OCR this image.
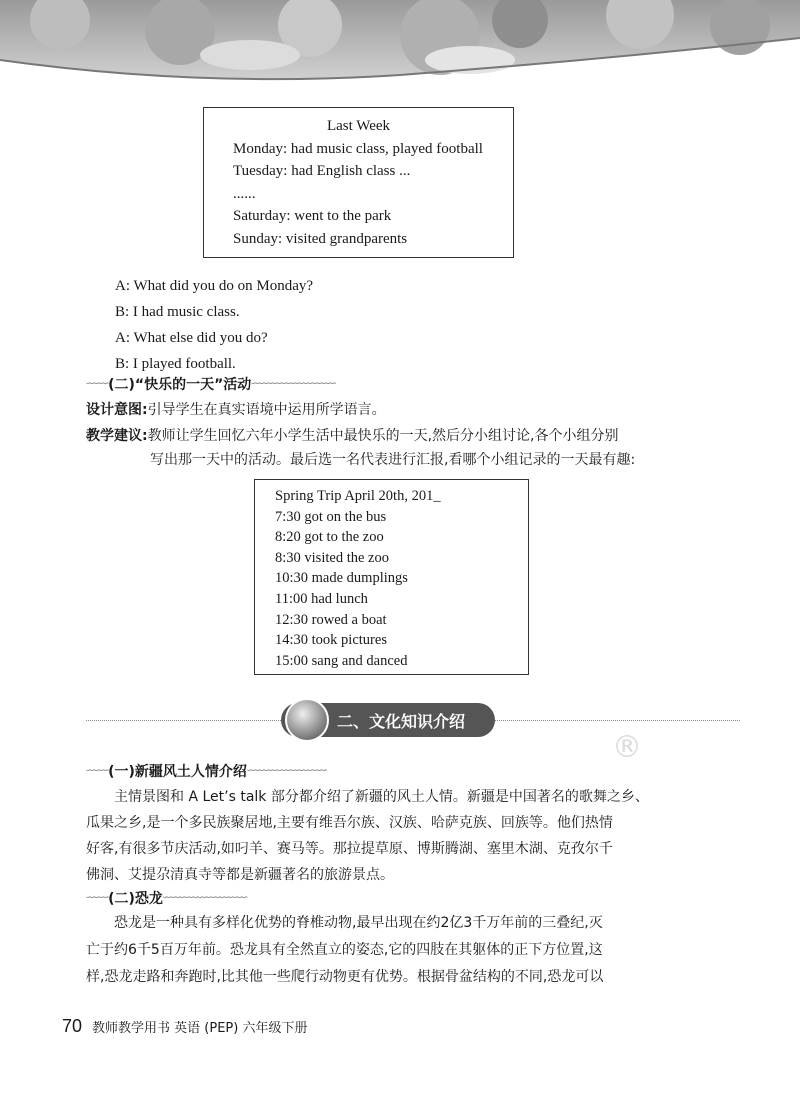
Last Week
Monday: had music class, played football
Tuesday: had English class ...
......
Saturday: went to the park
Sunday: visited grandparents
A: What did you do on Monday?
B: I had music class.
A: What else did you do?
B: I played football.
∽∽∽∽∽ (二)“快乐的一天”活动 ∽∽∽∽∽∽∽∽∽∽∽∽∽∽∽∽∽∽∽
设计意图:引导学生在真实语境中运用所学语言。
教学建议:教师让学生回忆六年小学生活中最快乐的一天,然后分小组讨论,各个小组分别
写出那一天中的活动。最后选一名代表进行汇报,看哪个小组记录的一天最有趣:
Spring Trip April 20th, 201_
7:30 got on the bus
8:20 got to the zoo
8:30 visited the zoo
10:30 made dumplings
11:00 had lunch
12:30 rowed a boat
14:30 took pictures
15:00 sang and danced
二、文化知识介绍
®
∽∽∽∽∽ (一)新疆风土人情介绍 ∽∽∽∽∽∽∽∽∽∽∽∽∽∽∽∽∽∽
主情景图和 A Let’s talk 部分都介绍了新疆的风土人情。新疆是中国著名的歌舞之乡、
瓜果之乡,是一个多民族聚居地,主要有维吾尔族、汉族、哈萨克族、回族等。他们热情
好客,有很多节庆活动,如叼羊、赛马等。那拉提草原、博斯腾湖、塞里木湖、克孜尔千
佛洞、艾提尕清真寺等都是新疆著名的旅游景点。
∽∽∽∽∽ (二)恐龙 ∽∽∽∽∽∽∽∽∽∽∽∽∽∽∽∽∽∽∽
恐龙是一种具有多样化优势的脊椎动物,最早出现在约2亿3千万年前的三叠纪,灭
亡于约6千5百万年前。恐龙具有全然直立的姿态,它的四肢在其躯体的正下方位置,这
样,恐龙走路和奔跑时,比其他一些爬行动物更有优势。根据骨盆结构的不同,恐龙可以
70 教师教学用书 英语 (PEP) 六年级下册
